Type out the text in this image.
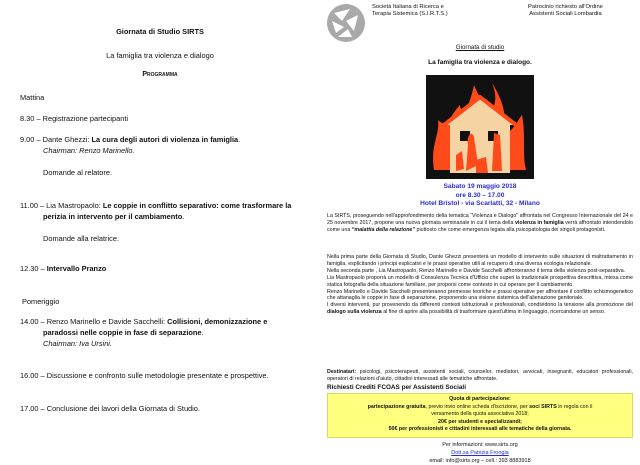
Giornata di Studio SIRTS
La famiglia tra violenza e dialogo
Programma
Mattina
8.30 – Registrazione partecipanti
9.00 – Dante Ghezzi: La cura degli autori di violenza in famiglia.
Chairman: Renzo Marinello.
Domande al relatore.
11.00 – Lia Mastropaolo: Le coppie in conflitto separativo: come trasformare la
perizia in intervento per il cambiamento.
Domande alla relatrice.
12.30 – Intervallo Pranzo
Pomeriggio
14.00 – Renzo Marinello e Davide Sacchelli: Collisioni, demonizzazione e
paradossi nelle coppie in fase di separazione.
Chairman: Iva Ursini.
16.00 – Discussione e confronto sulle metodologie presentate e prospettive.
17.00 – Conclusione dei lavori della Giornata di Studio.
Società Italiana di Ricerca e
Terapia Sistemica (S.I.R.T.S.)
Patrocinio richiesto all'Ordine
Assistenti Sociali Lombardia
Giornata di studio
La famiglia tra violenza e dialogo.
Sabato 19 maggio 2018
ore 8.30 – 17.00
Hotel Bristol - via Scarlatti, 32 - Milano
La SIRTS, proseguendo nell'approfondimento della tematica “Violenza e Dialogo” affrontata nel Congresso Internazionale del 24 e 25 novembre 2017, propone una nuova giornata seminariale in cui il tema della violenza in famiglia verrà affrontato intendendolo come una “malattia della relazione” piuttosto che come emergenza legata alla psicopatologia dei singoli protagonisti.
Nella prima parte della Giornata di Studio, Dante Ghezzi presenterà un modello di intervento sulle situazioni di maltrattamento in famiglia, esplicitando i principi esplicativi e le prassi operative utili al recupero di una diversa ecologia relazionale.
Nella seconda parte , Lia Mastropaolo, Renzo Marinello e Davide Sacchelli affronteranno il tema della violenza post-separativa.
Lia Mastropaolo proporrà un modello di Consulenza Tecnica d'Ufficio che superi la tradizionale prospettiva descrittiva, intesa come statica fotografia della situazione familiare, per proporsi come contesto in cui operare per il cambiamento.
Renzo Marinello e Davide Sacchelli presenteranno premesse teoriche e prassi operative per affrontare il conflitto schismogenetico che attanaglia le coppie in fase di separazione, proponendo una visione sistemica dell'alienazione genitoriale.
I diversi interventi, pur provenendo da differenti contesti istituzionali e professionali, condividono la tensione alla promozione del dialogo sulla violenza al fine di aprire alla possibilità di trasformare quest'ultima in linguaggio, ricercandone un senso.
Destinatari: psicologi, psicoterapeuti, assistenti sociali, counselor, mediatori, avvocati, insegnanti, educatori professionali, operatori di relazioni d'aiuto, cittadini interessati alle tematiche affrontate.
Richiesti Crediti FCOAS per Assistenti Sociali
Quota di partecipazione:
partecipazione gratuita, previo invio online scheda d'iscrizione, per soci SIRTS in regola con il
versamento della quota associativa 2018;
20€ per studenti e specializzandi;
50€ per professionisti e cittadini interessati alle tematiche della giornata.
Per informazioni: www.sirts.org
Dott.sa Patrizia Frongia
email: info@sirts.org – cell.: 393 8883918
